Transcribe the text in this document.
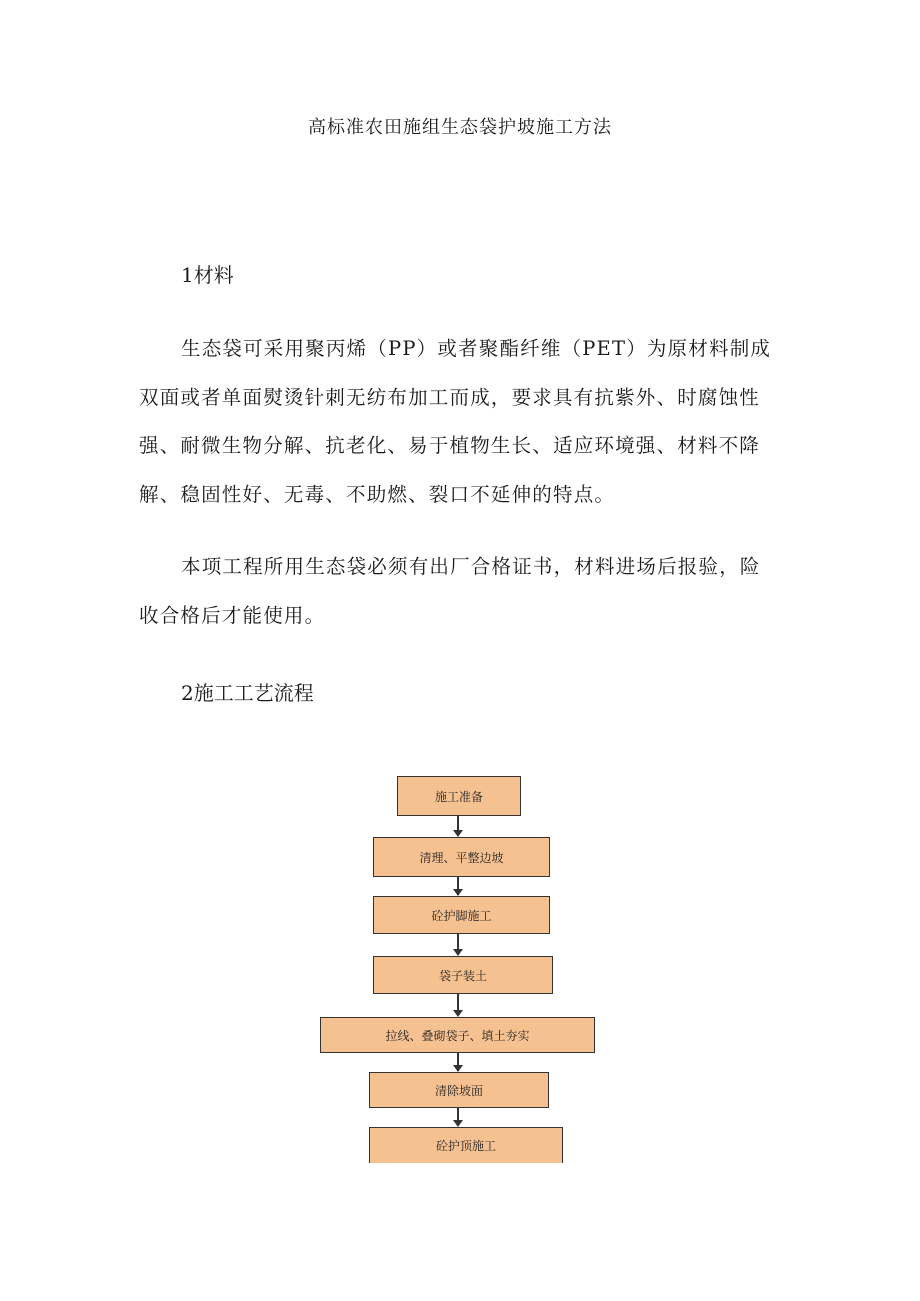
高标准农田施组生态袋护坡施工方法
1材料

生态袋可采用聚丙烯（PP）或者聚酯纤维（PET）为原材料制成双面或者单面熨烫针刺无纺布加工而成，要求具有抗紫外、时腐蚀性强、耐微生物分解、抗老化、易于植物生长、适应环境强、材料不降解、稳固性好、无毒、不助燃、裂口不延伸的特点。

本项工程所用生态袋必须有出厂合格证书，材料进场后报验，险收合格后才能使用。

2施工工艺流程
施工准备
清理、平整边坡
砼护脚施工
袋子装土
拉线、叠砌袋子、填土夯实
清除坡面
砼护顶施工
